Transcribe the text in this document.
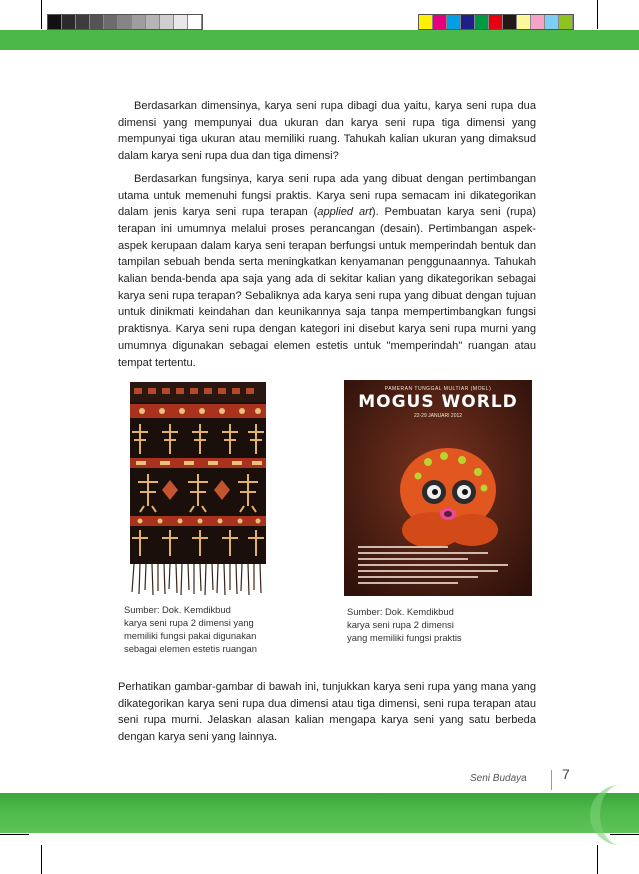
Berdasarkan dimensinya, karya seni rupa dibagi dua yaitu, karya seni rupa dua dimensi yang mempunyai dua ukuran dan karya seni rupa tiga dimensi yang mempunyai tiga ukuran atau memiliki ruang. Tahukah kalian ukuran yang dimaksud dalam karya seni rupa dua dan tiga dimensi?

Berdasarkan fungsinya, karya seni rupa ada yang dibuat dengan pertimbangan utama untuk memenuhi fungsi praktis. Karya seni rupa semacam ini dikategorikan dalam jenis karya seni rupa terapan (applied art). Pembuatan karya seni (rupa) terapan ini umumnya melalui proses perancangan (desain). Pertimbangan aspek-aspek kerupaan dalam karya seni terapan berfungsi untuk memperindah bentuk dan tampilan sebuah benda serta meningkatkan kenyamanan penggunaannya. Tahukah kalian benda-benda apa saja yang ada di sekitar kalian yang dikategorikan sebagai karya seni rupa terapan? Sebaliknya ada karya seni rupa yang dibuat dengan tujuan untuk dinikmati keindahan dan keunikannya saja tanpa mempertimbangkan fungsi praktisnya. Karya seni rupa dengan kategori ini disebut karya seni rupa murni yang umumnya digunakan sebagai elemen estetis untuk "memperindah" ruangan atau tempat tertentu.

PAMERAN TUNGGAL MULTIAR (MOEL)
MOGUS WORLD
22-29 JANUARI 2012
Sumber: Dok. Kemdikbud
karya seni rupa 2 dimensi yang
memiliki fungsi pakai digunakan
sebagai elemen estetis ruangan
Sumber: Dok. Kemdikbud
karya seni rupa 2 dimensi
yang memiliki fungsi praktis

Perhatikan gambar-gambar di bawah ini, tunjukkan karya seni rupa yang mana yang dikategorikan karya seni rupa dua dimensi atau tiga dimensi, seni rupa terapan atau seni rupa murni. Jelaskan alasan kalian mengapa karya seni yang satu berbeda dengan karya seni yang lainnya.

Seni Budaya	7
